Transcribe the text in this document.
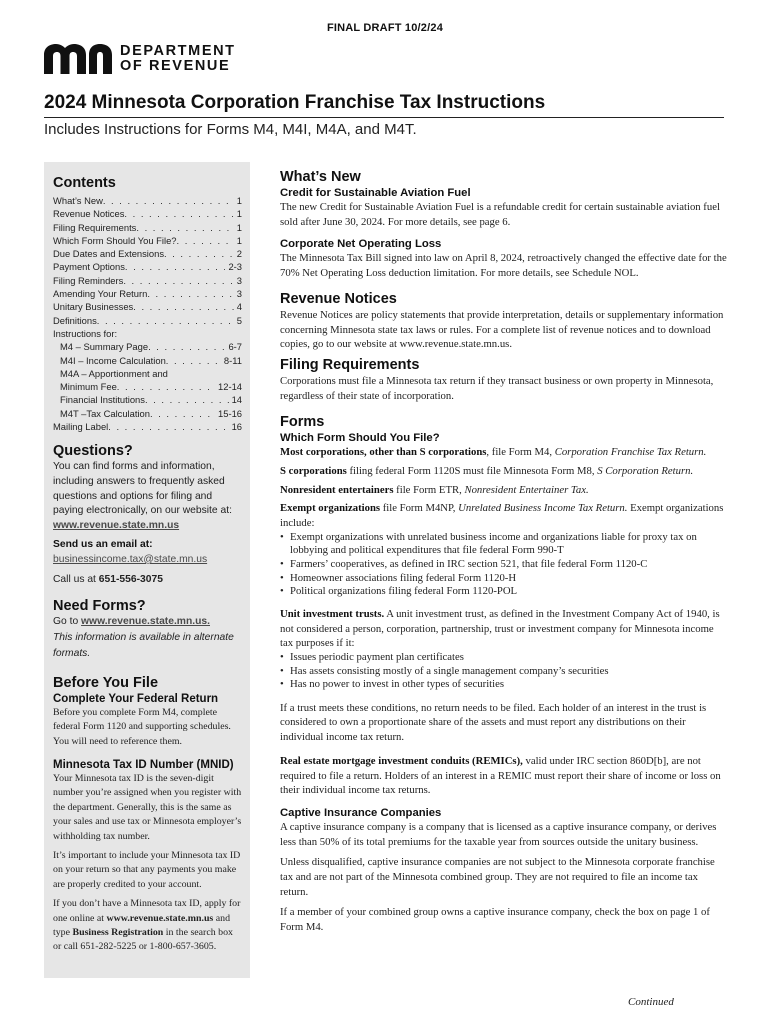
FINAL DRAFT 10/2/24
DEPARTMENT
OF REVENUE
2024 Minnesota Corporation Franchise Tax Instructions
Includes Instructions for Forms M4, M4I, M4A, and M4T.
Contents
What’s New . . .	1
Revenue Notices . . .	1
Filing Requirements . . .	1
Which Form Should You File? . . .	1
Due Dates and Extensions . . .	2
Payment Options . . .	2-3
Filing Reminders . . .	3
Amending Your Return . . .	3
Unitary Businesses . . .	4
Definitions . . .	5
Instructions for:
M4 – Summary Page . . .	6-7
M4I – Income Calculation . . .	8-11
M4A – Apportionment and
Minimum Fee . . .	12-14
Financial Institutions . . .	14
M4T –Tax Calculation . . .	15-16
Mailing Label . . .	16
Questions?
You can find forms and information, including answers to frequently asked questions and options for filing and paying electronically, on our website at:
www.revenue.state.mn.us
Send us an email at:
businessincome.tax@state.mn.us
Call us at 651-556-3075
Need Forms?
Go to www.revenue.state.mn.us.
This information is available in alternate formats.
Before You File
Complete Your Federal Return
Before you complete Form M4, complete federal Form 1120 and supporting schedules. You will need to reference them.
Minnesota Tax ID Number (MNID)
Your Minnesota tax ID is the seven-digit number you’re assigned when you register with the department. Generally, this is the same as your sales and use tax or Minnesota employer’s withholding tax number.
It’s important to include your Minnesota tax ID on your return so that any payments you make are properly credited to your account.
If you don’t have a Minnesota tax ID, apply for one online at www.revenue.state.mn.us and type Business Registration in the search box or call 651-282-5225 or 1-800-657-3605.
What’s New
Credit for Sustainable Aviation Fuel
The new Credit for Sustainable Aviation Fuel is a refundable credit for certain sustainable aviation fuel sold after June 30, 2024. For more details, see page 6.
Corporate Net Operating Loss
The Minnesota Tax Bill signed into law on April 8, 2024, retroactively changed the effective date for the 70% Net Operating Loss deduction limitation. For more details, see Schedule NOL.
Revenue Notices
Revenue Notices are policy statements that provide interpretation, details or supplementary information concerning Minnesota state tax laws or rules. For a complete list of revenue notices and to download copies, go to our website at www.revenue.state.mn.us.
Filing Requirements
Corporations must file a Minnesota tax return if they transact business or own property in Minnesota, regardless of their state of incorporation.
Forms
Which Form Should You File?
Most corporations, other than S corporations, file Form M4, Corporation Franchise Tax Return.
S corporations filing federal Form 1120S must file Minnesota Form M8, S Corporation Return.
Nonresident entertainers file Form ETR, Nonresident Entertainer Tax.
Exempt organizations file Form M4NP, Unrelated Business Income Tax Return. Exempt organizations include:
• Exempt organizations with unrelated business income and organizations liable for proxy tax on lobbying and political expenditures that file federal Form 990-T
• Farmers’ cooperatives, as defined in IRC section 521, that file federal Form 1120-C
• Homeowner associations filing federal Form 1120-H
• Political organizations filing federal Form 1120-POL
Unit investment trusts. A unit investment trust, as defined in the Investment Company Act of 1940, is not considered a person, corporation, partnership, trust or investment company for Minnesota income tax purposes if it:
• Issues periodic payment plan certificates
• Has assets consisting mostly of a single management company’s securities
• Has no power to invest in other types of securities
If a trust meets these conditions, no return needs to be filed. Each holder of an interest in the trust is considered to own a proportionate share of the assets and must report any distributions on their individual income tax return.
Real estate mortgage investment conduits (REMICs), valid under IRC section 860D[b], are not required to file a return. Holders of an interest in a REMIC must report their share of income or loss on their individual income tax returns.
Captive Insurance Companies
A captive insurance company is a company that is licensed as a captive insurance company, or derives less than 50% of its total premiums for the taxable year from sources outside the unitary business.
Unless disqualified, captive insurance companies are not subject to the Minnesota corporate franchise tax and are not part of the Minnesota combined group. They are not required to file an income tax return.
If a member of your combined group owns a captive insurance company, check the box on page 1 of Form M4.
Continued
